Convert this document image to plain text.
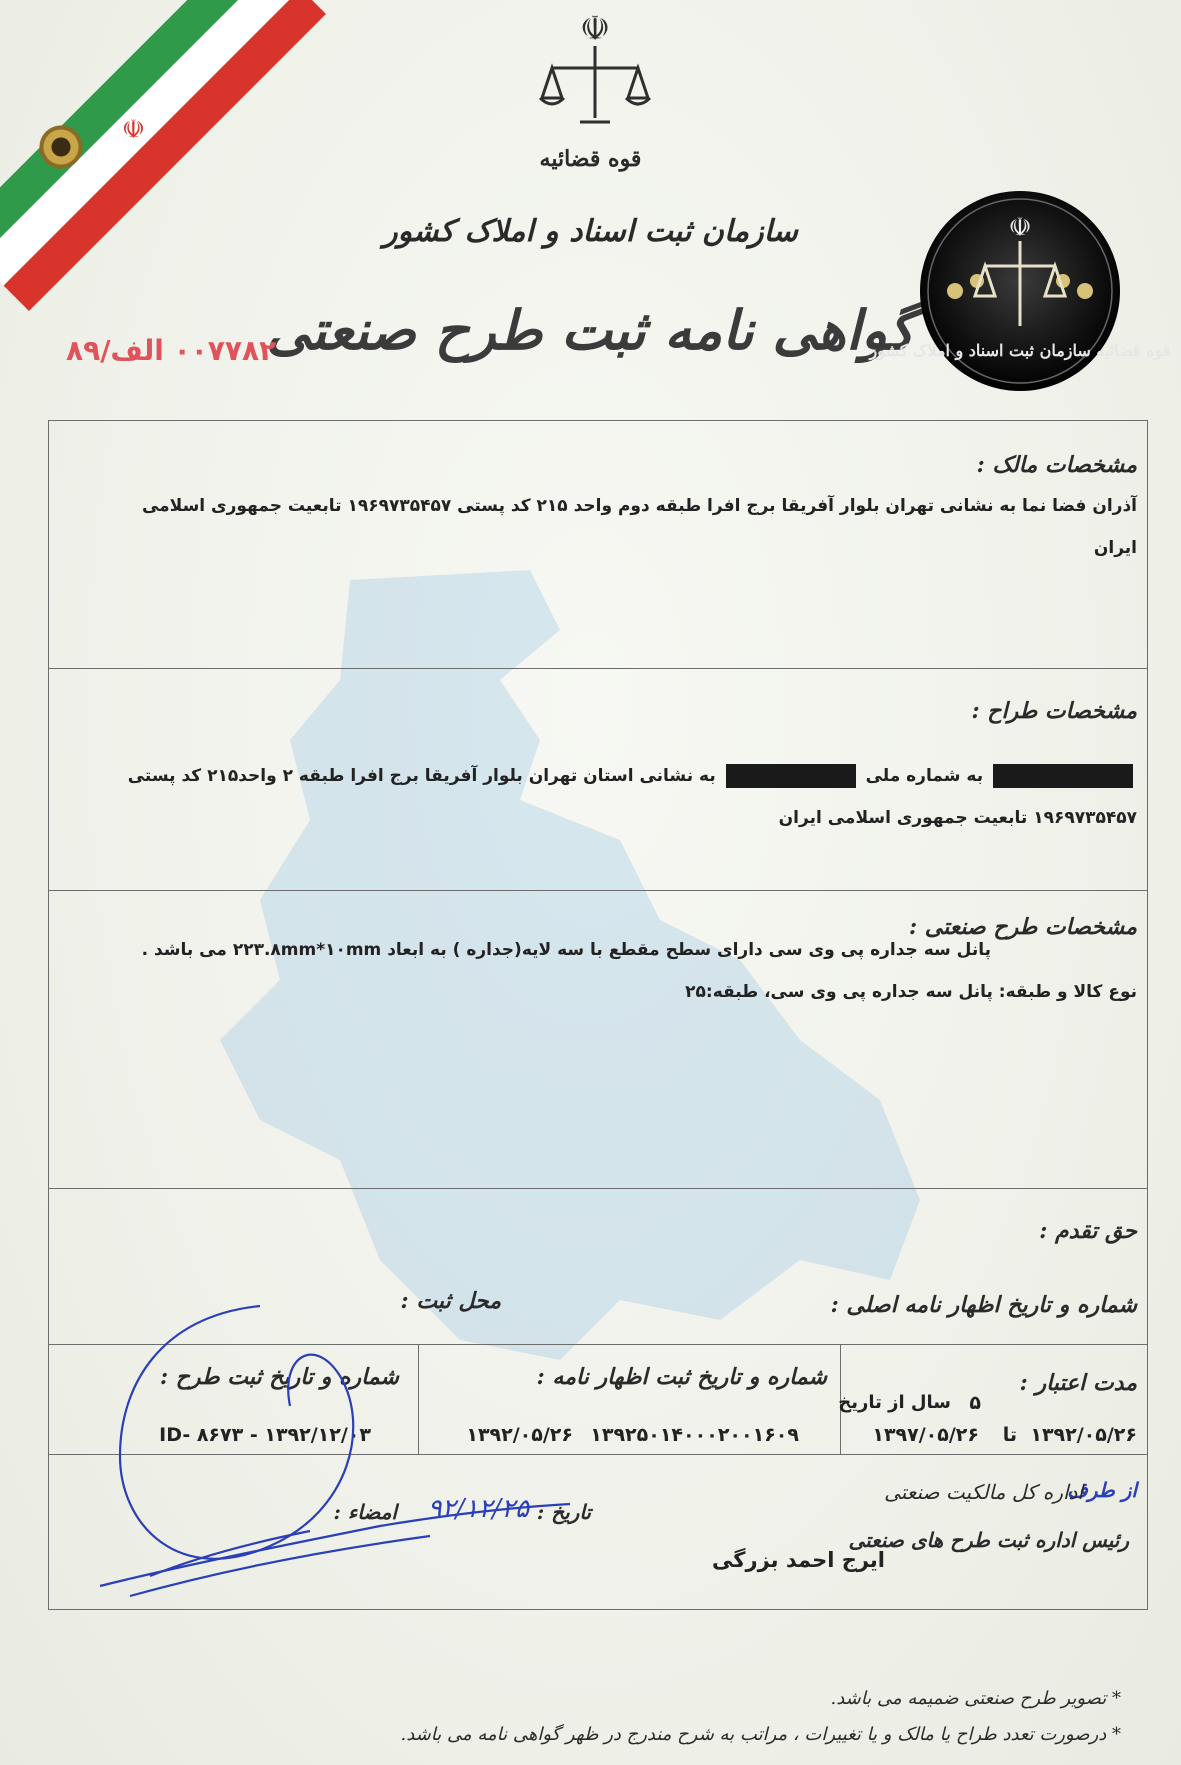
☫
☫
قوه قضائیه
سازمان ثبت اسناد و املاک کشور
گواهی نامه ثبت طرح صنعتی
۰۰۷۷۸۲ الف/۸۹
☫
قوه قضائیه سازمان ثبت اسناد و املاک کشور
مشخصات مالک :
آذران فضا نما به نشانی تهران بلوار آفریقا برج افرا طبقه دوم واحد ۲۱۵ کد پستی ۱۹۶۹۷۳۵۴۵۷ تابعیت جمهوری اسلامی
ایران
مشخصات طراح :
به شماره ملی  به نشانی استان تهران بلوار آفریقا برج افرا طبقه ۲ واحد۲۱۵ کد پستی
۱۹۶۹۷۳۵۴۵۷ تابعیت جمهوری اسلامی ایران
مشخصات طرح صنعتی :
پانل سه جداره پی وی سی دارای سطح مقطع با سه لایه(جداره ) به ابعاد ۲۲۳.۸mm*۱۰mm می باشد .
نوع کالا و طبقه: پانل سه جداره پی وی سی، طبقه:۲۵
حق تقدم :
شماره و تاریخ اظهار نامه اصلی :
محل ثبت :
مدت اعتبار :
۵
سال از تاریخ
۱۳۹۲/۰۵/۲۶
تا
۱۳۹۷/۰۵/۲۶
شماره و تاریخ ثبت اظهار نامه :
۱۳۹۲۵۰۱۴۰۰۰۲۰۰۱۶۰۹
۱۳۹۲/۰۵/۲۶
شماره و تاریخ ثبت طرح :
۱۳۹۲/۱۲/۰۳ - ID- ۸۶۷۳
از طرف
اداره کل مالکیت صنعتی
رئیس اداره ثبت طرح های صنعتی
ایرج احمد بزرگی
تاریخ :
امضاء : ۹۲/۱۲/۲۵
* تصویر طرح صنعتی ضمیمه می باشد.
* درصورت تعدد طراح یا مالک و یا تغییرات ، مراتب به شرح مندرج در ظهر گواهی نامه می باشد.
